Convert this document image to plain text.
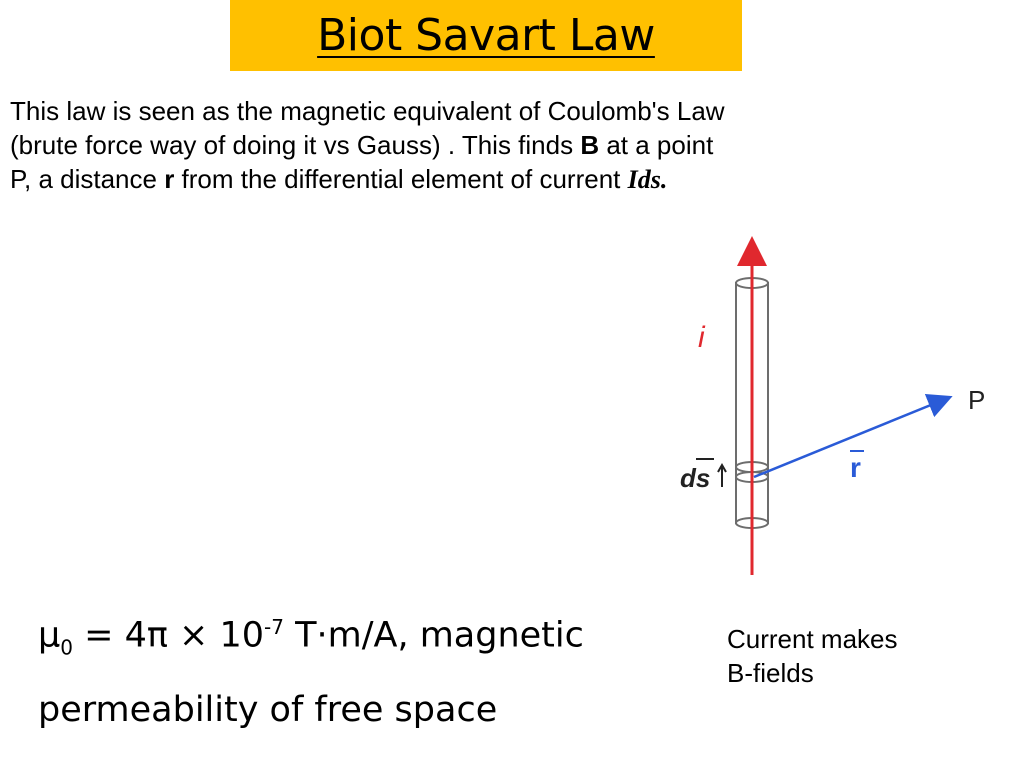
Biot Savart Law

This law is seen as the magnetic equivalent of Coulomb's Law
(brute force way of doing it vs Gauss) . This finds B at a point
P, a distance r from the differential element of current Ids.

i
P
ds	r
$\mu_0 = 4\pi \times 10^{-7}$ T·m/A, magnetic
permeability of free space
Current makes
B-fields
